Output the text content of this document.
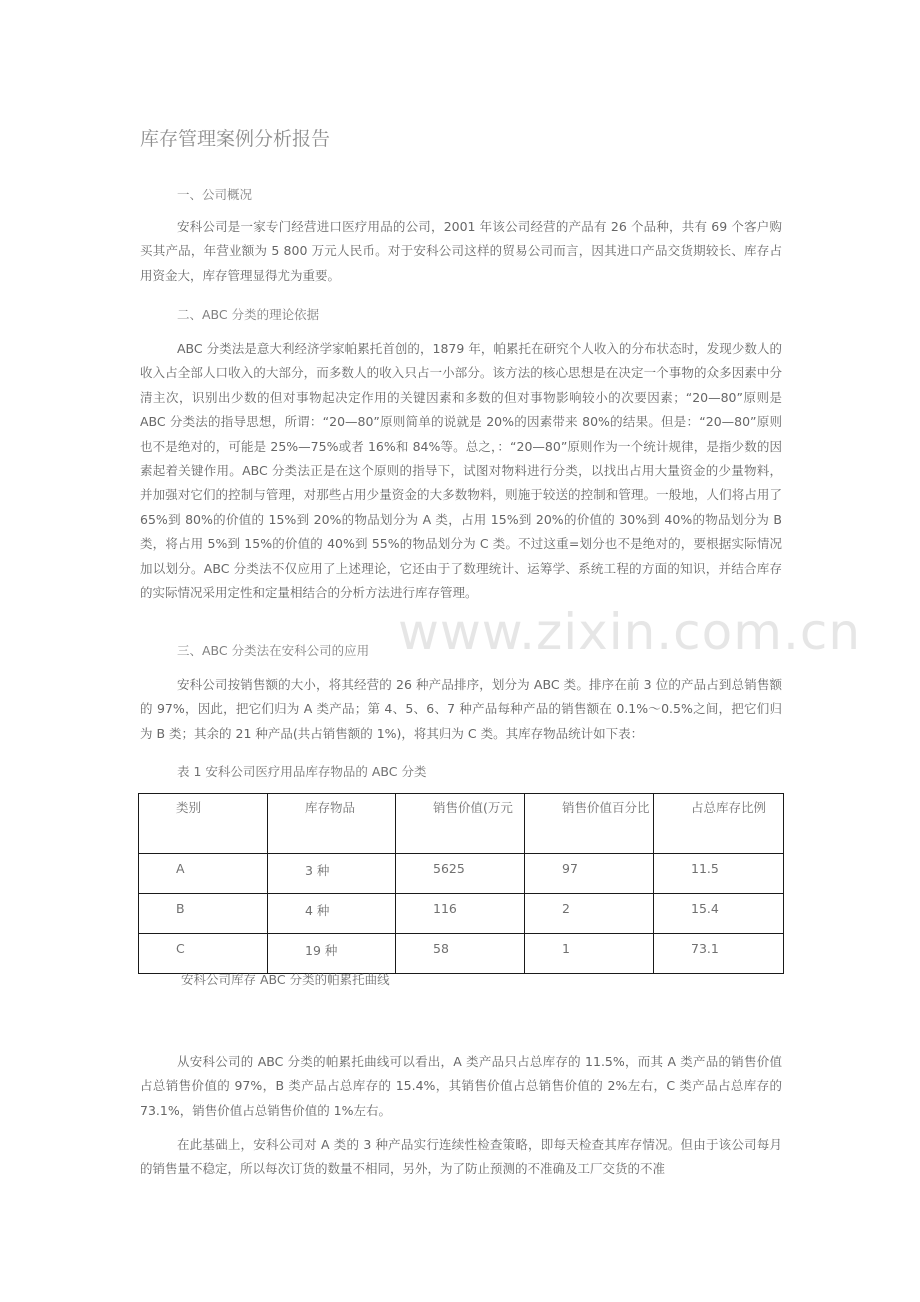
库存管理案例分析报告
一、公司概况

安科公司是一家专门经营进口医疗用品的公司，2001 年该公司经营的产品有 26 个品种，共有 69 个客户购买其产品，年营业额为 5 800 万元人民币。对于安科公司这样的贸易公司而言，因其进口产品交货期较长、库存占用资金大，库存管理显得尤为重要。

二、ABC 分类的理论依据

ABC 分类法是意大利经济学家帕累托首创的，1879 年，帕累托在研究个人收入的分布状态时，发现少数人的收入占全部人口收入的大部分，而多数人的收入只占一小部分。该方法的核心思想是在决定一个事物的众多因素中分清主次，识别出少数的但对事物起决定作用的关键因素和多数的但对事物影响较小的次要因素；“20—80”原则是 ABC 分类法的指导思想，所谓：“20—80”原则简单的说就是 20%的因素带来 80%的结果。但是：“20—80”原则也不是绝对的，可能是 25%—75%或者 16%和 84%等。总之，：“20—80”原则作为一个统计规律，是指少数的因素起着关键作用。ABC 分类法正是在这个原则的指导下，试图对物料进行分类，以找出占用大量资金的少量物料，并加强对它们的控制与管理，对那些占用少量资金的大多数物料，则施于较送的控制和管理。一般地，人们将占用了 65%到 80%的价值的 15%到 20%的物品划分为 A 类，占用 15%到 20%的价值的 30%到 40%的物品划分为 B 类，将占用 5%到 15%的价值的 40%到 55%的物品划分为 C 类。不过这重=划分也不是绝对的，要根据实际情况加以划分。ABC 分类法不仅应用了上述理论，它还由于了数理统计、运筹学、系统工程的方面的知识，并结合库存的实际情况采用定性和定量相结合的分析方法进行库存管理。

www.zixin.com.cn
三、ABC 分类法在安科公司的应用

安科公司按销售额的大小，将其经营的 26 种产品排序，划分为 ABC 类。排序在前 3 位的产品占到总销售额的 97%，因此，把它们归为 A 类产品；第 4、5、6、7 种产品每种产品的销售额在 0.1%～0.5%之间，把它们归为 B 类；其余的 21 种产品(共占销售额的 1%)，将其归为 C 类。其库存物品统计如下表：

表 1 安科公司医疗用品库存物品的 ABC 分类
类别	库存物品	销售价值(万元	销售价值百分比	占总库存比例
A	3 种	5625	97	11.5
B	4 种	116	2	15.4
C	19 种	58	1	73.1
安科公司库存 ABC 分类的帕累托曲线

从安科公司的 ABC 分类的帕累托曲线可以看出，A 类产品只占总库存的 11.5%，而其 A 类产品的销售价值占总销售价值的 97%，B 类产品占总库存的 15.4%，其销售价值占总销售价值的 2%左右，C 类产品占总库存的 73.1%，销售价值占总销售价值的 1%左右。

在此基础上，安科公司对 A 类的 3 种产品实行连续性检查策略，即每天检查其库存情况。但由于该公司每月的销售量不稳定，所以每次订货的数量不相同，另外，为了防止预测的不准确及工厂交货的不准
